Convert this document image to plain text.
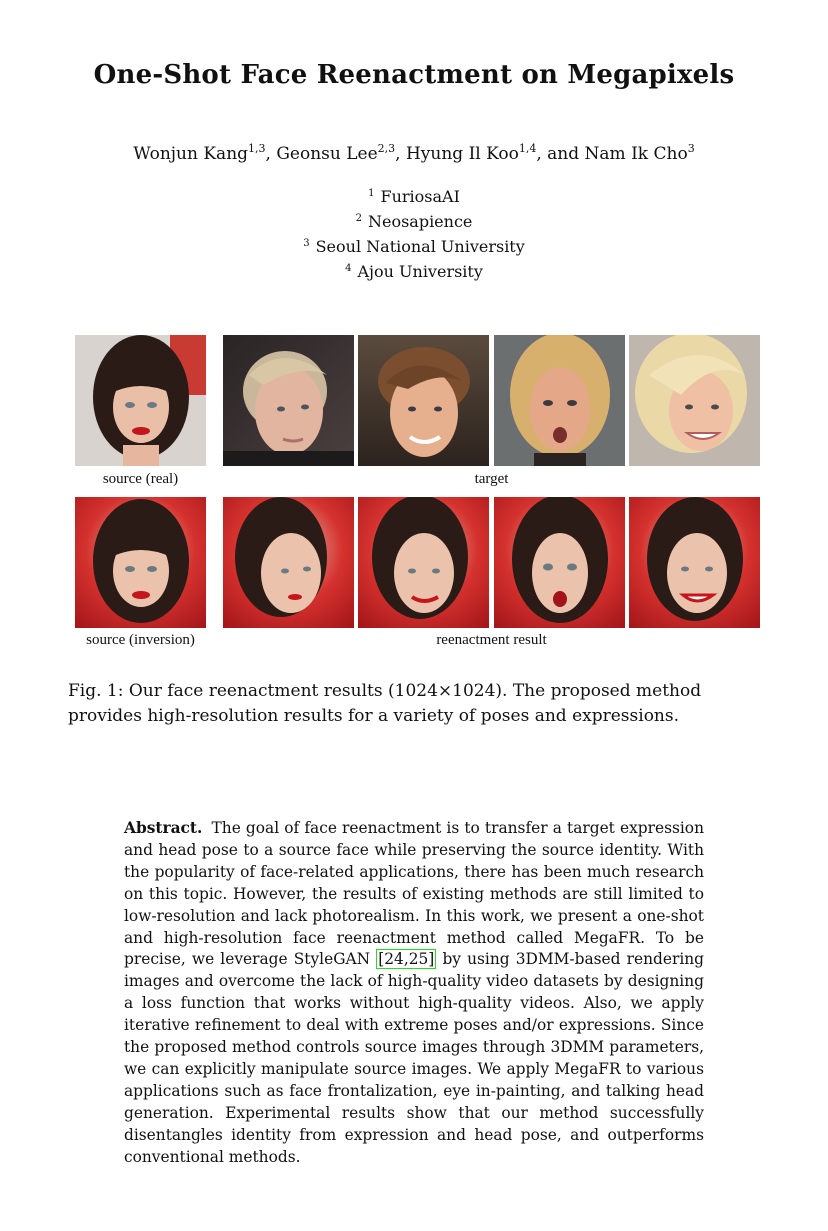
One-Shot Face Reenactment on Megapixels
Wonjun Kang$^{1,3}$, Geonsu Lee$^{2,3}$, Hyung Il Koo$^{1,4}$, and Nam Ik Cho$^3$
$^1$ FuriosaAI
$^2$ Neosapience
$^3$ Seoul National University
$^4$ Ajou University
source (real)	target
source (inversion)	reenactment result
Fig. 1: Our face reenactment results (1024×1024). The proposed method provides high-resolution results for a variety of poses and expressions.
Abstract. The goal of face reenactment is to transfer a target expression and head pose to a source face while preserving the source identity. With the popularity of face-related applications, there has been much research on this topic. However, the results of existing methods are still limited to low-resolution and lack photorealism. In this work, we present a one-shot and high-resolution face reenactment method called MegaFR. To be precise, we leverage StyleGAN [24,25] by using 3DMM-based rendering images and overcome the lack of high-quality video datasets by designing a loss function that works without high-quality videos. Also, we apply iterative refinement to deal with extreme poses and/or expressions. Since the proposed method controls source images through 3DMM parameters, we can explicitly manipulate source images. We apply MegaFR to various applications such as face frontalization, eye in-painting, and talking head generation. Experimental results show that our method successfully disentangles identity from expression and head pose, and outperforms conventional methods.
